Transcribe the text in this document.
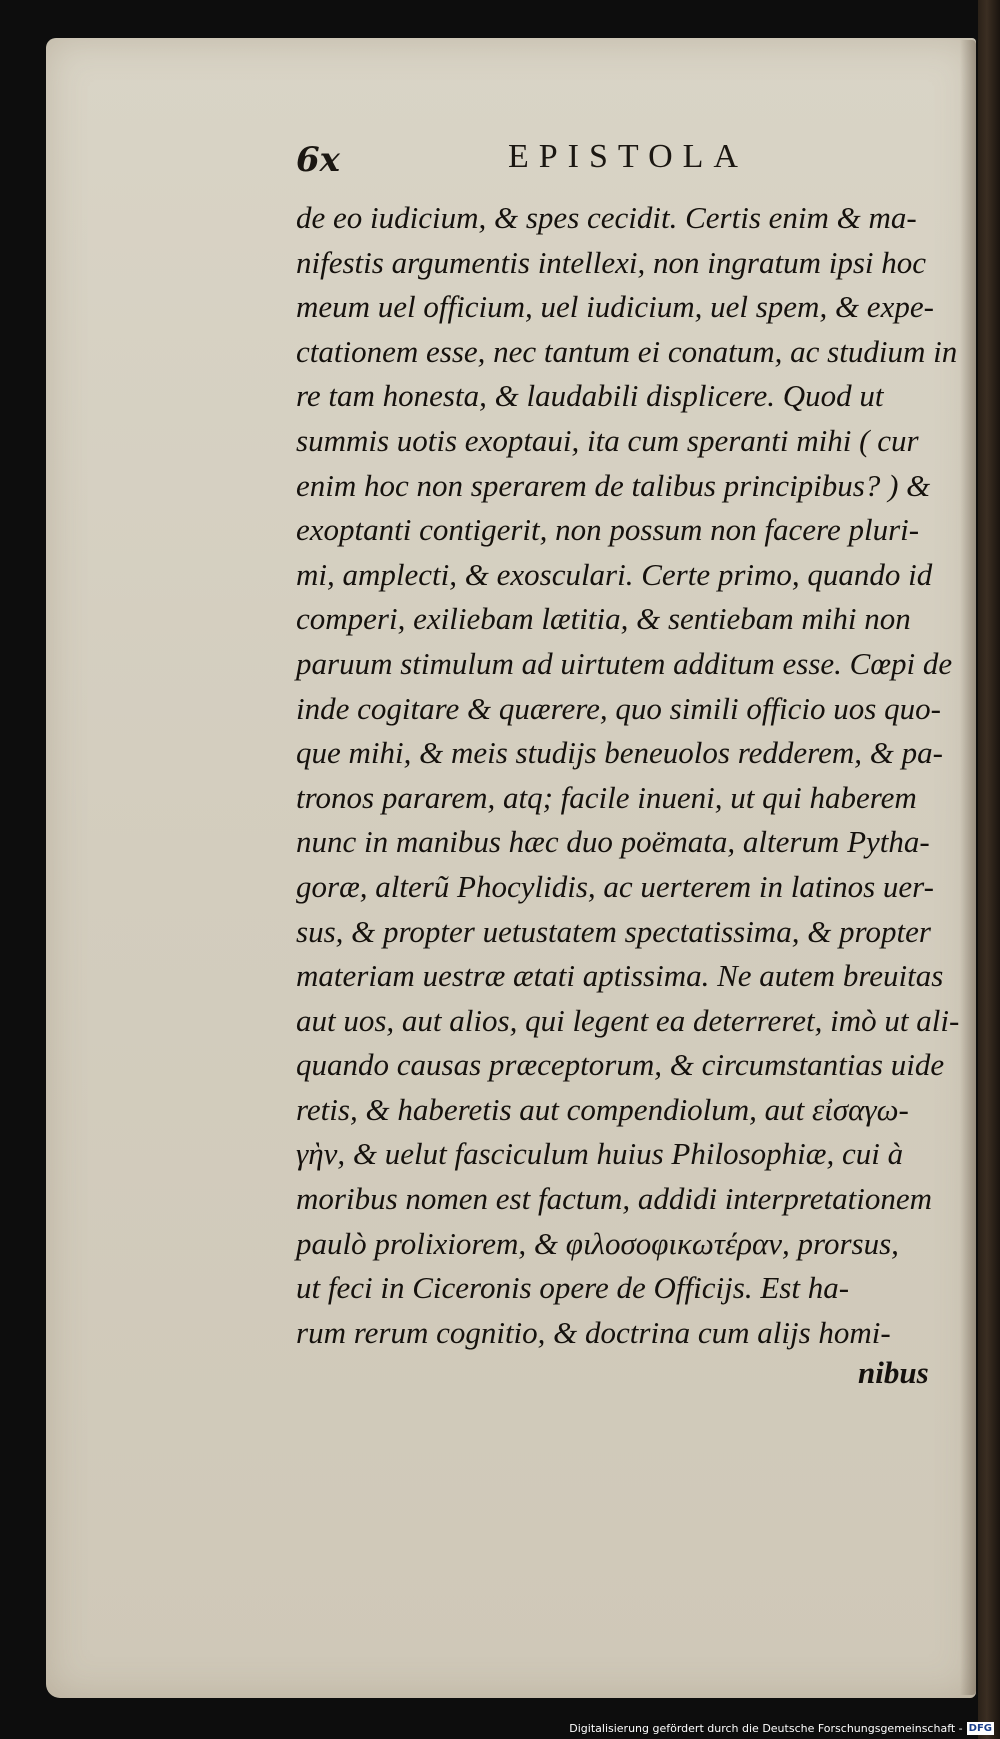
6x	EPISTOLA
de eo iudicium, & spes cecidit. Certis enim & ma-
nifestis argumentis intellexi, non ingratum ipsi hoc
meum uel officium, uel iudicium, uel spem, & expe-
ctationem esse, nec tantum ei conatum, ac studium in
re tam honesta, & laudabili displicere. Quod ut
summis uotis exoptaui, ita cum speranti mihi ( cur
enim hoc non sperarem de talibus principibus? ) &
exoptanti contigerit, non possum non facere pluri-
mi, amplecti, & exosculari. Certe primo, quando id
comperi, exiliebam lætitia, & sentiebam mihi non
paruum stimulum ad uirtutem additum esse. Cœpi de
inde cogitare & quærere, quo simili officio uos quo-
que mihi, & meis studijs beneuolos redderem, & pa-
tronos pararem, atq; facile inueni, ut qui haberem
nunc in manibus hæc duo poëmata, alterum Pytha-
goræ, alterũ Phocylidis, ac uerterem in latinos uer-
sus, & propter uetustatem spectatissima, & propter
materiam uestræ ætati aptissima. Ne autem breuitas
aut uos, aut alios, qui legent ea deterreret, imò ut ali-
quando causas præceptorum, & circumstantias uide
retis, & haberetis aut compendiolum, aut εἰσαγω-
γὴν, & uelut fasciculum huius Philosophiæ, cui à
moribus nomen est factum, addidi interpretationem
paulò prolixiorem, & φιλοσοφικωτέραν, prorsus,
ut feci in Ciceronis opere de Officijs. Est ha-
rum rerum cognitio, & doctrina cum alijs homi-
nibus
Digitalisierung gefördert durch die Deutsche Forschungsgemeinschaft - DFG
